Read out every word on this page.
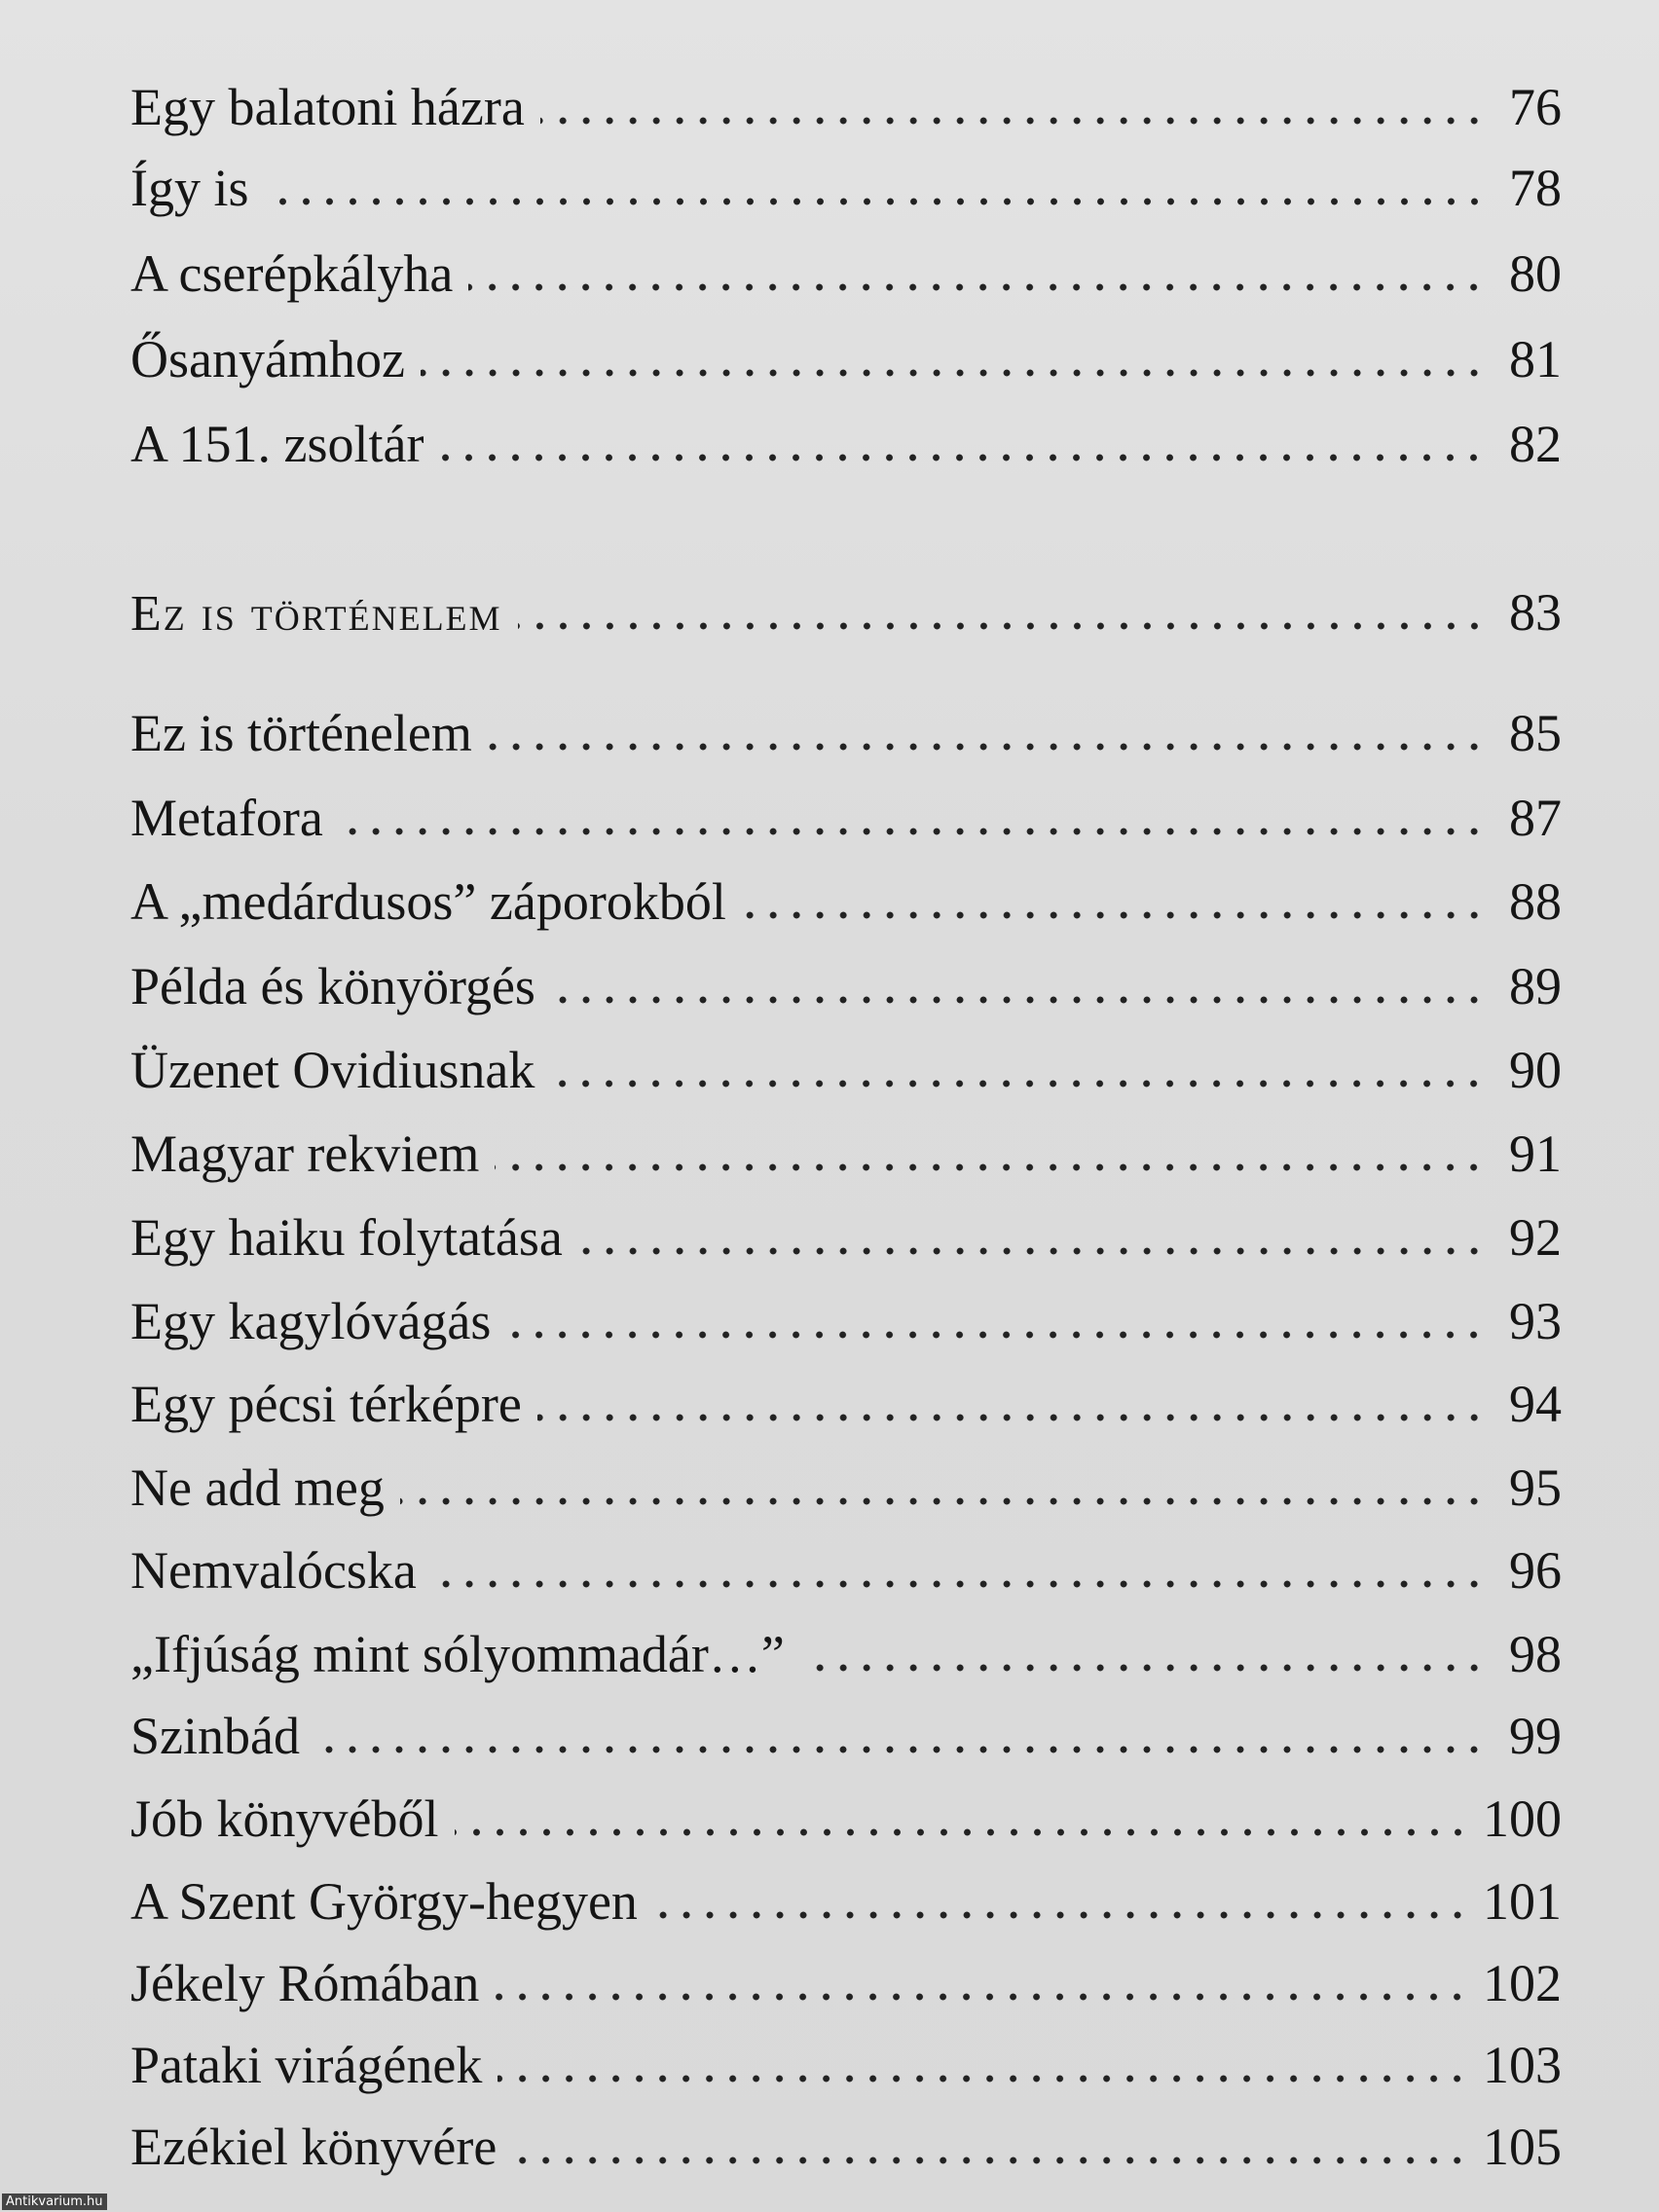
Egy balatoni házra	76
Így is	78
A cserépkályha	80
Ősanyámhoz	81
A 151. zsoltár	82
Ez is történelem	83
Ez is történelem	85
Metafora	87
A „medárdusos” záporokból	88
Példa és könyörgés	89
Üzenet Ovidiusnak	90
Magyar rekviem	91
Egy haiku folytatása	92
Egy kagylóvágás	93
Egy pécsi térképre	94
Ne add meg	95
Nemvalócska	96
„Ifjúság mint sólyommadár…”	98
Szinbád	99
Jób könyvéből	100
A Szent György-hegyen	101
Jékely Rómában	102
Pataki virágének	103
Ezékiel könyvére	105
Antikvarium.hu
